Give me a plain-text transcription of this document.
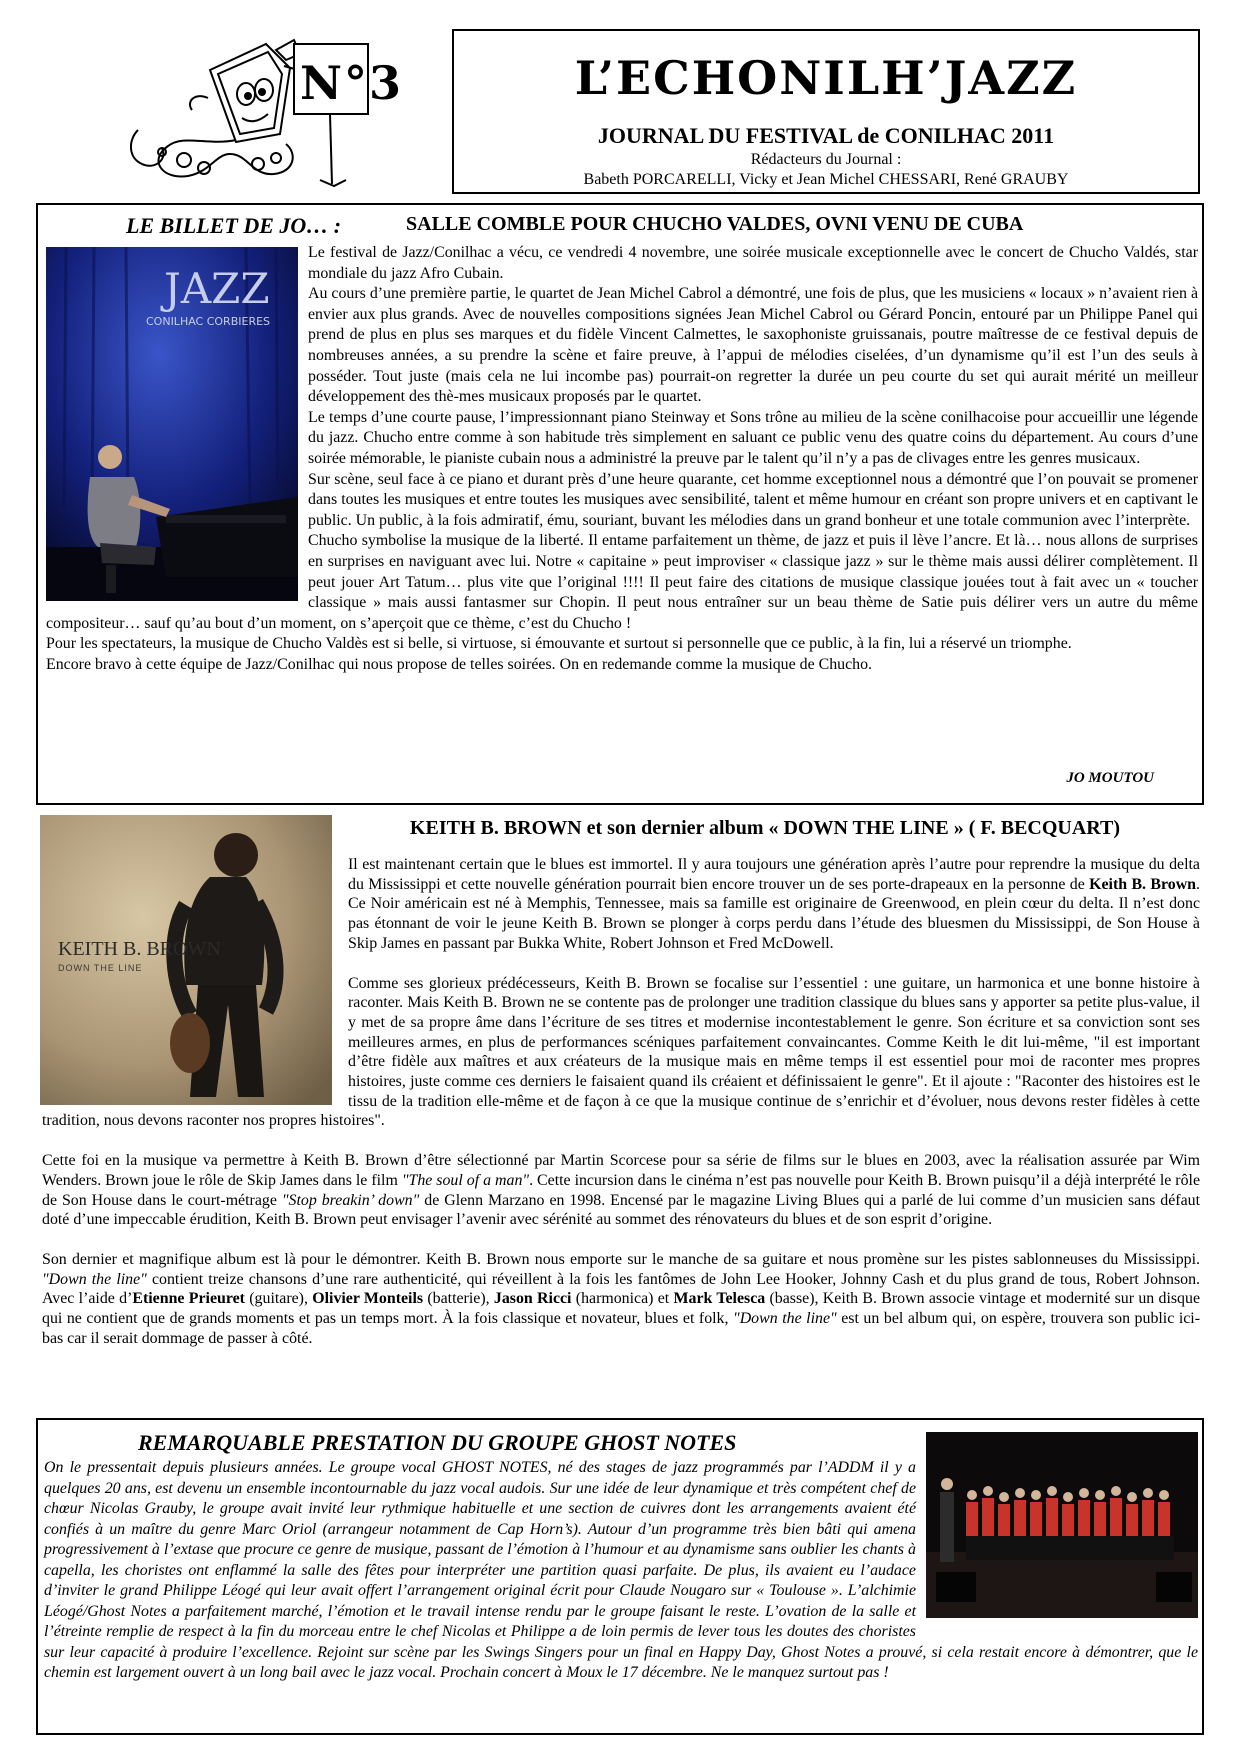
N°3	L’ECHONILH’JAZZ
JOURNAL DU FESTIVAL de CONILHAC 2011
Rédacteurs du Journal :
Babeth PORCARELLI, Vicky et Jean Michel CHESSARI, René GRAUBY
LE BILLET DE JO… :	SALLE COMBLE POUR CHUCHO VALDES, OVNI VENU DE CUBA
JAZZ
CONILHAC CORBIERES

Le festival de Jazz/Conilhac a vécu, ce vendredi 4 novembre, une soirée musicale exceptionnelle avec le concert de Chucho Valdés, star mondiale du jazz Afro Cubain.

Au cours d’une première partie, le quartet de Jean Michel Cabrol a démontré, une fois de plus, que les musiciens « locaux » n’avaient rien à envier aux plus grands. Avec de nouvelles compositions signées Jean Michel Cabrol ou Gérard Poncin, entouré par un Philippe Panel qui prend de plus en plus ses marques et du fidèle Vincent Calmettes, le saxophoniste gruissanais, poutre maîtresse de ce festival depuis de nombreuses années, a su prendre la scène et faire preuve, à l’appui de mélodies ciselées, d’un dynamisme qu’il est l’un des seuls à posséder. Tout juste (mais cela ne lui incombe pas) pourrait-on regretter la durée un peu courte du set qui aurait mérité un meilleur développement des thè-mes musicaux proposés par le quartet.

Le temps d’une courte pause, l’impressionnant piano Steinway et Sons trône au milieu de la scène conilhacoise pour accueillir une légende du jazz. Chucho entre comme à son habitude très simplement en saluant ce public venu des quatre coins du département. Au cours d’une soirée mémorable, le pianiste cubain nous a administré la preuve par le talent qu’il n’y a pas de clivages entre les genres musicaux.

Sur scène, seul face à ce piano et durant près d’une heure quarante, cet homme exceptionnel nous a démontré que l’on pouvait se promener dans toutes les musiques et entre toutes les musiques avec sensibilité, talent et même humour en créant son propre univers et en captivant le public. Un public, à la fois admiratif, ému, souriant, buvant les mélodies dans un grand bonheur et une totale communion avec l’interprète.

Chucho symbolise la musique de la liberté. Il entame parfaitement un thème, de jazz et puis il lève l’ancre. Et là… nous allons de surprises en surprises en naviguant avec lui. Notre « capitaine » peut improviser « classique jazz » sur le thème mais aussi délirer complètement. Il peut jouer Art Tatum… plus vite que l’original !!!! Il peut faire des citations de musique classique jouées tout à fait avec un « toucher classique » mais aussi fantasmer sur Chopin. Il peut nous entraîner sur un beau thème de Satie puis délirer vers un autre du même compositeur… sauf qu’au bout d’un moment, on s’aperçoit que ce thème, c’est du Chucho !

Pour les spectateurs, la musique de Chucho Valdès est si belle, si virtuose, si émouvante et surtout si personnelle que ce public, à la fin, lui a réservé un triomphe.

Encore bravo à cette équipe de Jazz/Conilhac qui nous propose de telles soirées. On en redemande comme la musique de Chucho.

JO MOUTOU
KEITH B. BROWN
DOWN THE LINE
KEITH B. BROWN et son dernier album « DOWN THE LINE » ( F. BECQUART)

Il est maintenant certain que le blues est immortel. Il y aura toujours une génération après l’autre pour reprendre la musique du delta du Mississippi et cette nouvelle génération pourrait bien encore trouver un de ses porte-drapeaux en la personne de Keith B. Brown. Ce Noir américain est né à Memphis, Tennessee, mais sa famille est originaire de Greenwood, en plein cœur du delta. Il n’est donc pas étonnant de voir le jeune Keith B. Brown se plonger à corps perdu dans l’étude des bluesmen du Mississippi, de Son House à Skip James en passant par Bukka White, Robert Johnson et Fred McDowell.

Comme ses glorieux prédécesseurs, Keith B. Brown se focalise sur l’essentiel : une guitare, un harmonica et une bonne histoire à raconter. Mais Keith B. Brown ne se contente pas de prolonger une tradition classique du blues sans y apporter sa petite plus-value, il y met de sa propre âme dans l’écriture de ses titres et modernise incontestablement le genre. Son écriture et sa conviction sont ses meilleures armes, en plus de performances scéniques parfaitement convaincantes. Comme Keith le dit lui-même, "il est important d’être fidèle aux maîtres et aux créateurs de la musique mais en même temps il est essentiel pour moi de raconter mes propres histoires, juste comme ces derniers le faisaient quand ils créaient et définissaient le genre". Et il ajoute : "Raconter des histoires est le tissu de la tradition elle-même et de façon à ce que la musique continue de s’enrichir et d’évoluer, nous devons rester fidèles à cette tradition, nous devons raconter nos propres histoires".

Cette foi en la musique va permettre à Keith B. Brown d’être sélectionné par Martin Scorcese pour sa série de films sur le blues en 2003, avec la réalisation assurée par Wim Wenders. Brown joue le rôle de Skip James dans le film "The soul of a man". Cette incursion dans le cinéma n’est pas nouvelle pour Keith B. Brown puisqu’il a déjà interprété le rôle de Son House dans le court-métrage "Stop breakin’ down" de Glenn Marzano en 1998. Encensé par le magazine Living Blues qui a parlé de lui comme d’un musicien sans défaut doté d’une impeccable érudition, Keith B. Brown peut envisager l’avenir avec sérénité au sommet des rénovateurs du blues et de son esprit d’origine.

Son dernier et magnifique album est là pour le démontrer. Keith B. Brown nous emporte sur le manche de sa guitare et nous promène sur les pistes sablonneuses du Mississippi. "Down the line" contient treize chansons d’une rare authenticité, qui réveillent à la fois les fantômes de John Lee Hooker, Johnny Cash et du plus grand de tous, Robert Johnson. Avec l’aide d’Etienne Prieuret (guitare), Olivier Monteils (batterie), Jason Ricci (harmonica) et Mark Telesca (basse), Keith B. Brown associe vintage et modernité sur un disque qui ne contient que de grands moments et pas un temps mort. À la fois classique et novateur, blues et folk, "Down the line" est un bel album qui, on espère, trouvera son public ici-bas car il serait dommage de passer à côté.

REMARQUABLE PRESTATION DU GROUPE GHOST NOTES

On le pressentait depuis plusieurs années. Le groupe vocal GHOST NOTES, né des stages de jazz programmés par l’ADDM il y a quelques 20 ans, est devenu un ensemble incontournable du jazz vocal audois. Sur une idée de leur dynamique et très compétent chef de chœur Nicolas Grauby, le groupe avait invité leur rythmique habituelle et une section de cuivres dont les arrangements avaient été confiés à un maître du genre Marc Oriol (arrangeur notamment de Cap Horn’s). Autour d’un programme très bien bâti qui amena progressivement à l’extase que procure ce genre de musique, passant de l’émotion à l’humour et au dynamisme sans oublier les chants à capella, les choristes ont enflammé la salle des fêtes pour interpréter une partition quasi parfaite. De plus, ils avaient eu l’audace d’inviter le grand Philippe Léogé qui leur avait offert l’arrangement original écrit pour Claude Nougaro sur « Toulouse ». L’alchimie Léogé/Ghost Notes a parfaitement marché, l’émotion et le travail intense rendu par le groupe faisant le reste. L’ovation de la salle et l’étreinte remplie de respect à la fin du morceau entre le chef Nicolas et Philippe a de loin permis de lever tous les doutes des choristes sur leur capacité à produire l’excellence. Rejoint sur scène par les Swings Singers pour un final en Happy Day, Ghost Notes a prouvé, si cela restait encore à démontrer, que le chemin est largement ouvert à un long bail avec le jazz vocal. Prochain concert à Moux le 17 décembre. Ne le manquez surtout pas !
